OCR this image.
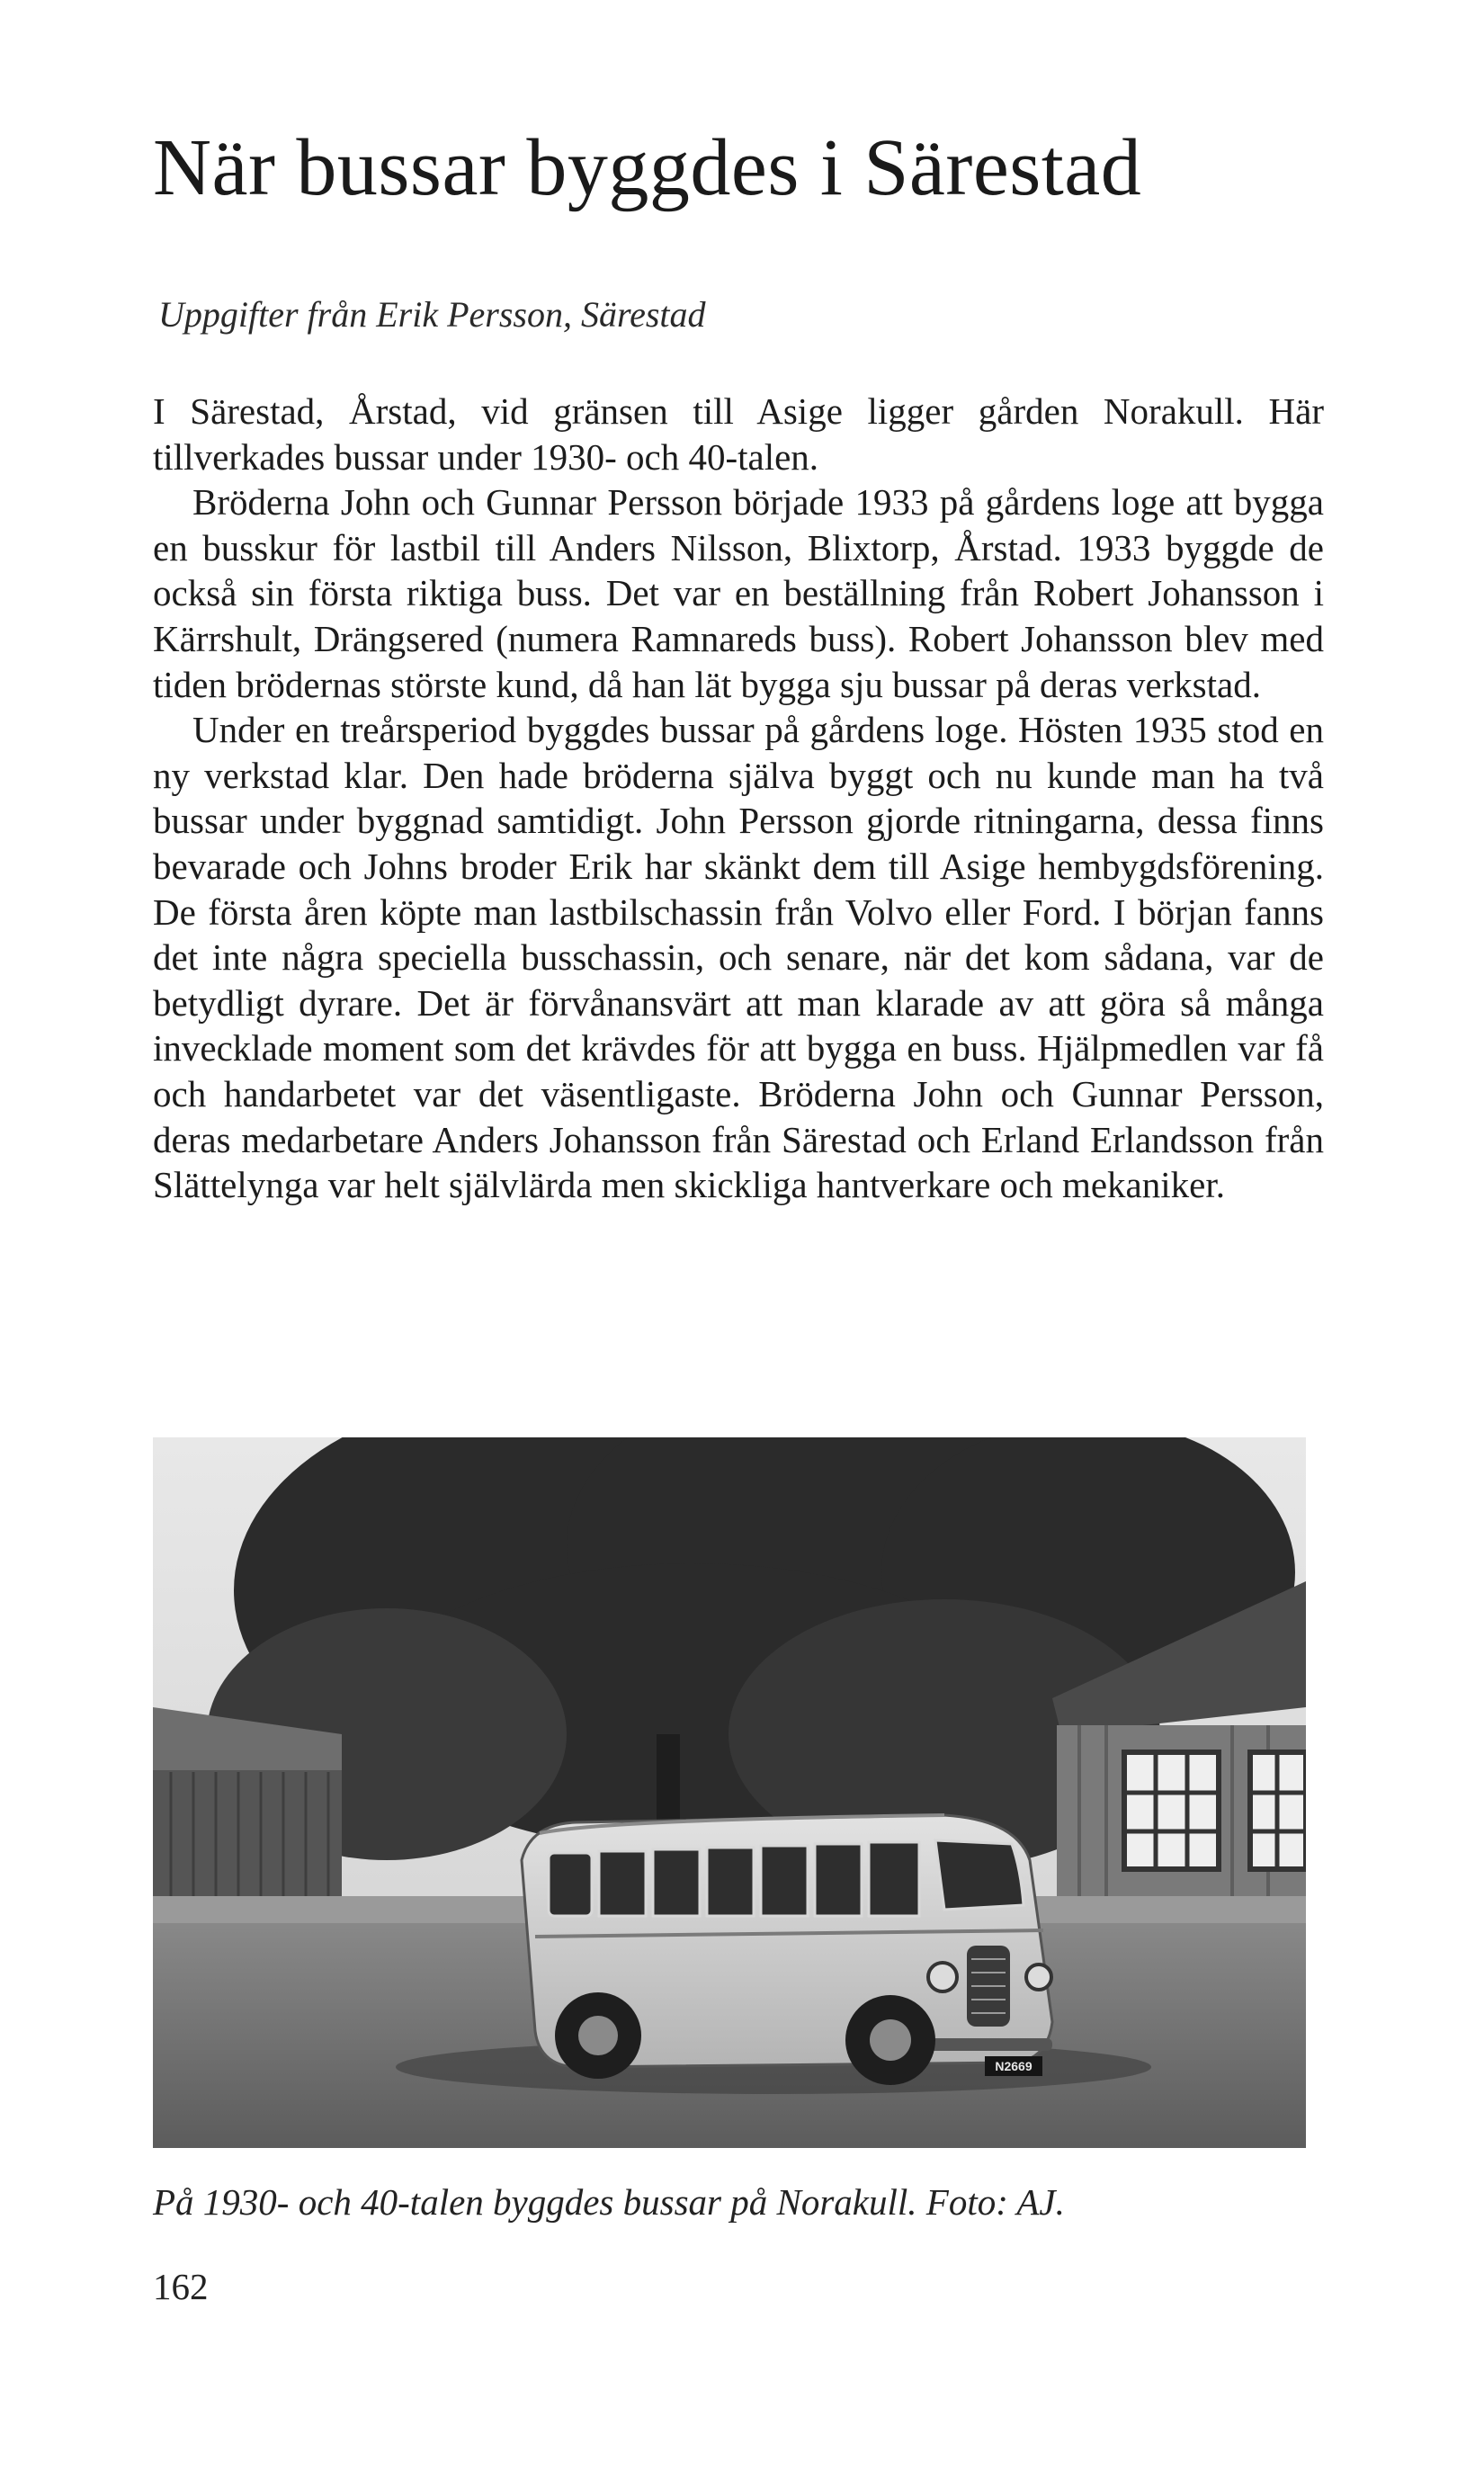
När bussar byggdes i Särestad
Uppgifter från Erik Persson, Särestad

I Särestad, Årstad, vid gränsen till Asige ligger gården Norakull. Här tillverkades bussar under 1930- och 40-talen.

Bröderna John och Gunnar Persson började 1933 på gårdens loge att bygga en busskur för lastbil till Anders Nilsson, Blixtorp, Årstad. 1933 byggde de också sin första riktiga buss. Det var en beställning från Robert Johansson i Kärrshult, Drängsered (numera Ramnareds buss). Robert Johansson blev med tiden brödernas störste kund, då han lät bygga sju bussar på deras verkstad.

Under en treårsperiod byggdes bussar på gårdens loge. Hösten 1935 stod en ny verkstad klar. Den hade bröderna själva byggt och nu kunde man ha två bussar under byggnad samtidigt. John Persson gjorde ritningarna, dessa finns bevarade och Johns broder Erik har skänkt dem till Asige hembygdsförening. De första åren köpte man lastbilschassin från Volvo eller Ford. I början fanns det inte några speciella busschassin, och senare, när det kom sådana, var de betydligt dyrare. Det är förvånansvärt att man klarade av att göra så många invecklade moment som det krävdes för att bygga en buss. Hjälpmedlen var få och handarbetet var det väsentligaste. Bröderna John och Gunnar Persson, deras medarbetare Anders Johansson från Särestad och Erland Erlandsson från Slättelynga var helt självlärda men skickliga hantverkare och mekaniker.

N2669
På 1930- och 40-talen byggdes bussar på Norakull. Foto: AJ.
162
